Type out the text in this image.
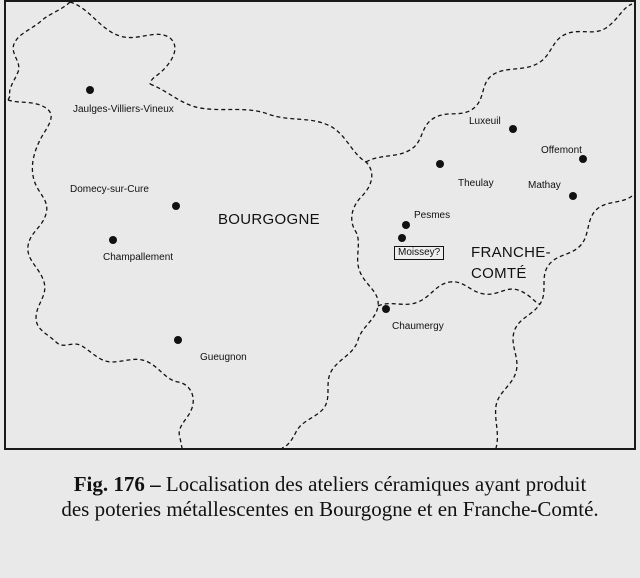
Jaulges-Villiers-Vineux
Domecy-sur-Cure
Champallement
Gueugnon
Pesmes
Moissey?
Chaumergy
Theulay
Luxeuil
Offemont
Mathay
BOURGOGNE
FRANCHE-
COMTÉ
Fig. 176 – Localisation des ateliers céramiques ayant produit des poteries métallescentes en Bourgogne et en Franche-Comté.
